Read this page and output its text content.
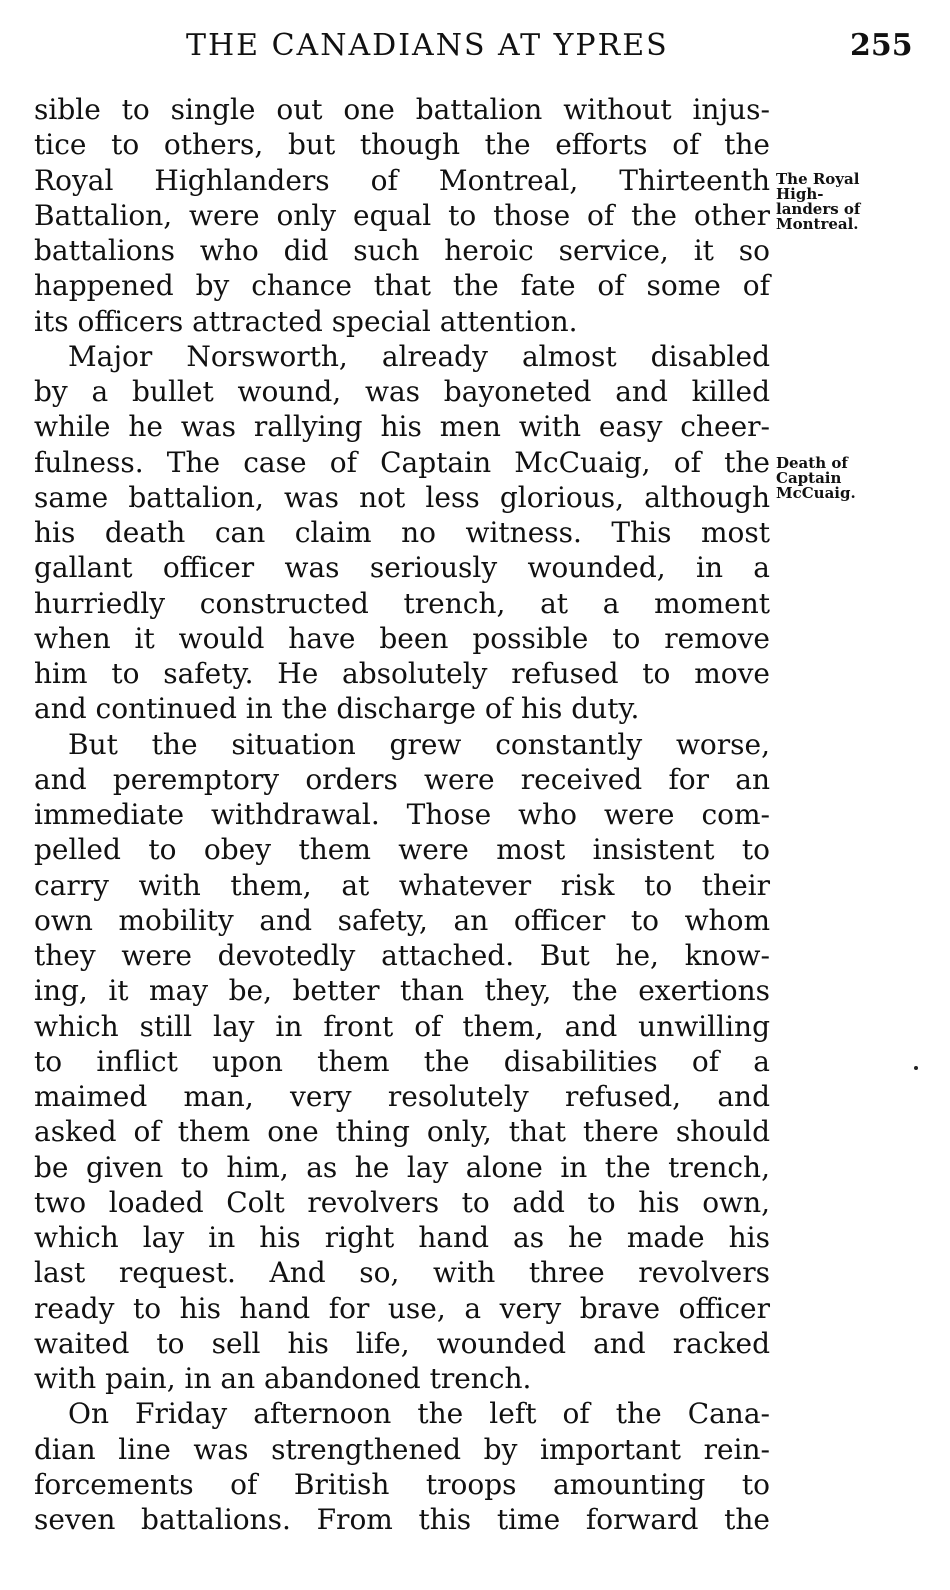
THE CANADIANS AT YPRES	255
sible to single out one battalion without injus-
tice to others, but though the efforts of the
Royal Highlanders of Montreal, Thirteenth
Battalion, were only equal to those of the other
battalions who did such heroic service, it so
happened by chance that the fate of some of
its officers attracted special attention.
Major Norsworth, already almost disabled
by a bullet wound, was bayoneted and killed
while he was rallying his men with easy cheer-
fulness. The case of Captain McCuaig, of the
same battalion, was not less glorious, although
his death can claim no witness. This most
gallant officer was seriously wounded, in a
hurriedly constructed trench, at a moment
when it would have been possible to remove
him to safety. He absolutely refused to move
and continued in the discharge of his duty.
But the situation grew constantly worse,
and peremptory orders were received for an
immediate withdrawal. Those who were com-
pelled to obey them were most insistent to
carry with them, at whatever risk to their
own mobility and safety, an officer to whom
they were devotedly attached. But he, know-
ing, it may be, better than they, the exertions
which still lay in front of them, and unwilling
to inflict upon them the disabilities of a
maimed man, very resolutely refused, and
asked of them one thing only, that there should
be given to him, as he lay alone in the trench,
two loaded Colt revolvers to add to his own,
which lay in his right hand as he made his
last request. And so, with three revolvers
ready to his hand for use, a very brave officer
waited to sell his life, wounded and racked
with pain, in an abandoned trench.
On Friday afternoon the left of the Cana-
dian line was strengthened by important rein-
forcements of British troops amounting to
seven battalions. From this time forward the
The Royal
High-
landers of
Montreal.
Death of
Captain
McCuaig.
